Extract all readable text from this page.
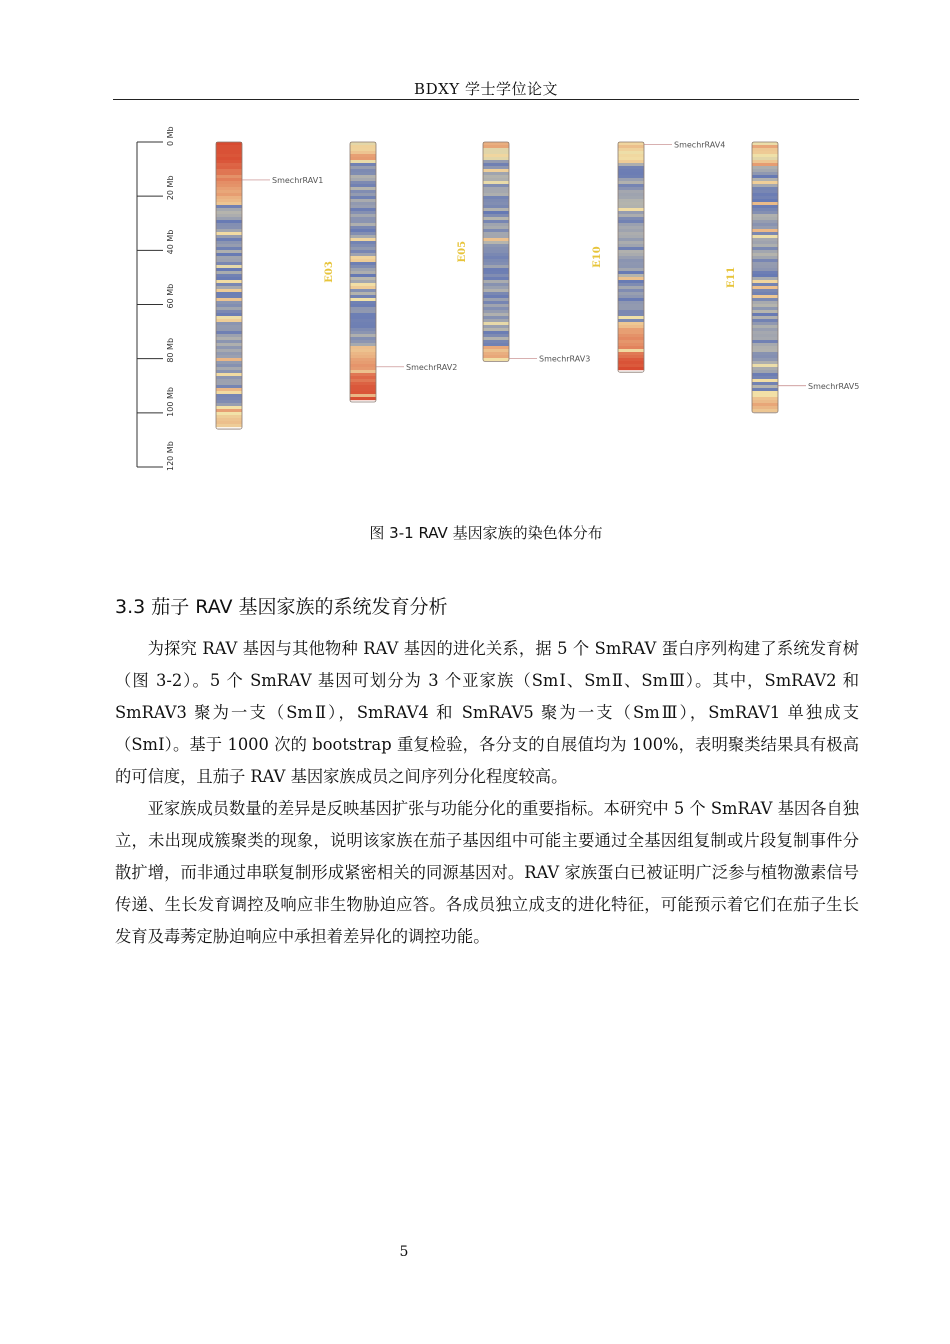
BDXY 学士学位论文
0 Mb
20 Mb
40 Mb
60 Mb
80 Mb
100 Mb
120 Mb
SmechrRAV1
E03
SmechrRAV2
E05
SmechrRAV3
E10
SmechrRAV4
E11
SmechrRAV5
图 3-1 RAV 基因家族的染色体分布
3.3 茄子 RAV 基因家族的系统发育分析

为探究 RAV 基因与其他物种 RAV 基因的进化关系，据 5 个 SmRAV 蛋白序列构建了系统发育树（图 3-2）。5 个 SmRAV 基因可划分为 3 个亚家族（SmⅠ、SmⅡ、SmⅢ）。其中，SmRAV2 和 SmRAV3 聚为一支（SmⅡ），SmRAV4 和 SmRAV5 聚为一支（SmⅢ），SmRAV1 单独成支（SmⅠ）。基于 1000 次的 bootstrap 重复检验，各分支的自展值均为 100%，表明聚类结果具有极高的可信度，且茄子 RAV 基因家族成员之间序列分化程度较高。

亚家族成员数量的差异是反映基因扩张与功能分化的重要指标。本研究中 5 个 SmRAV 基因各自独立，未出现成簇聚类的现象，说明该家族在茄子基因组中可能主要通过全基因组复制或片段复制事件分散扩增，而非通过串联复制形成紧密相关的同源基因对。RAV 家族蛋白已被证明广泛参与植物激素信号传递、生长发育调控及响应非生物胁迫应答。各成员独立成支的进化特征，可能预示着它们在茄子生长发育及毒莠定胁迫响应中承担着差异化的调控功能。

5
